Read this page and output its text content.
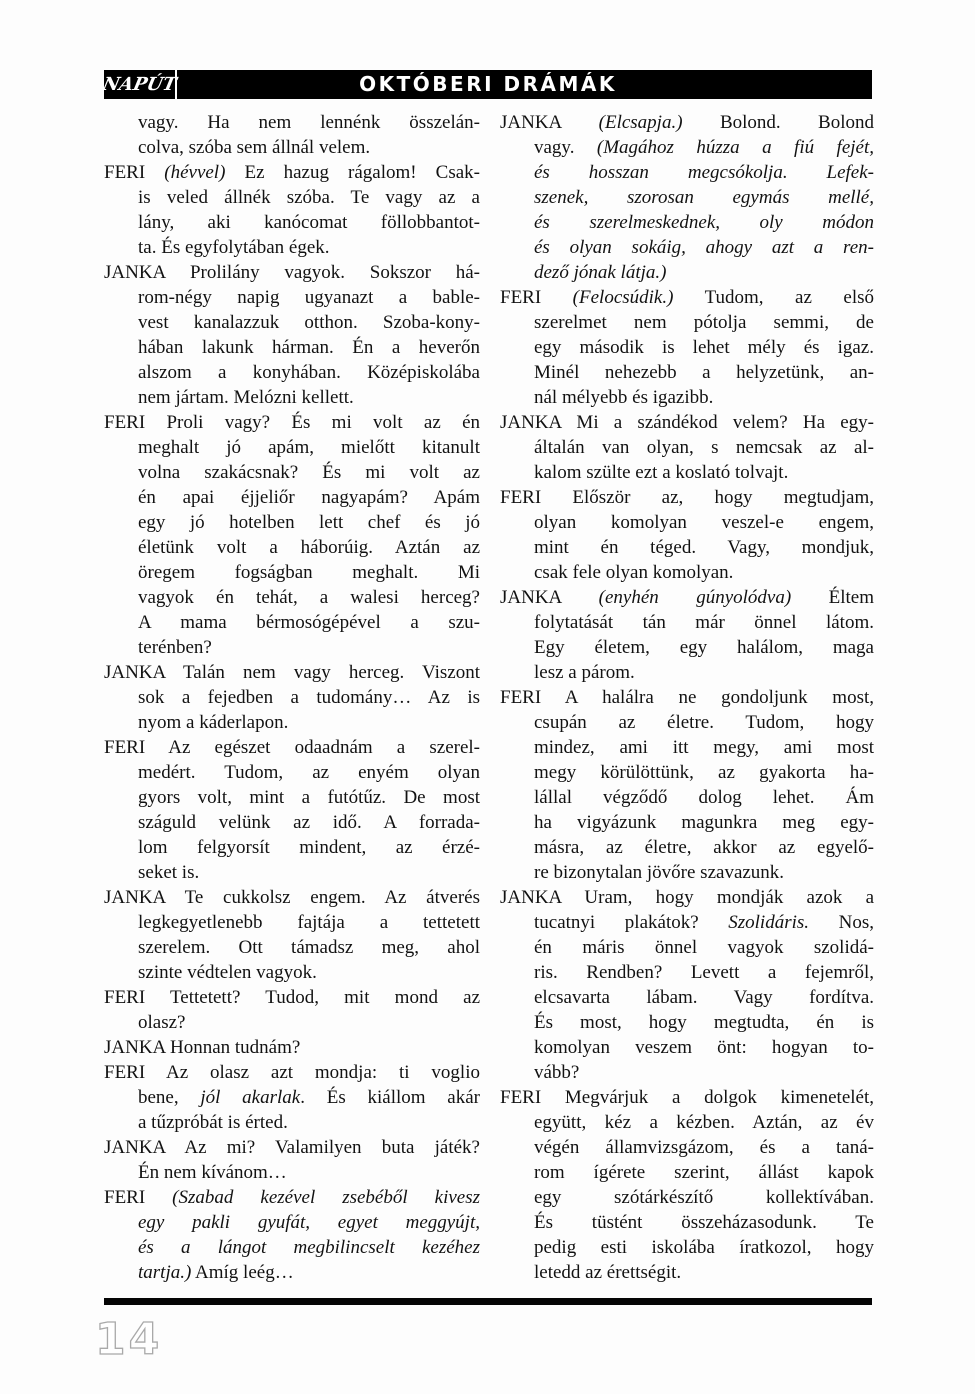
NAPÚT	OKTÓBERI DRÁMÁK
vagy. Ha nem lennénk összelán-
colva, szóba sem állnál velem.
FERI (hévvel) Ez hazug rágalom! Csak-
is veled állnék szóba. Te vagy az a
lány, aki kanócomat föllobbantot-
ta. És egyfolytában égek.
JANKA Prolilány vagyok. Sokszor há-
rom-négy napig ugyanazt a bable-
vest kanalazzuk otthon. Szoba-kony-
hában lakunk hárman. Én a heverőn
alszom a konyhában. Középiskolába
nem jártam. Melózni kellett.
FERI Proli vagy? És mi volt az én
meghalt jó apám, mielőtt kitanult
volna szakácsnak? És mi volt az
én apai éjjeliőr nagyapám? Apám
egy jó hotelben lett chef és jó
életünk volt a háborúig. Aztán az
öregem fogságban meghalt. Mi
vagyok én tehát, a walesi herceg?
A mama bérmosógépével a szu-
terénben?
JANKA Talán nem vagy herceg. Viszont
sok a fejedben a tudomány… Az is
nyom a káderlapon.
FERI Az egészet odaadnám a szerel-
medért. Tudom, az enyém olyan
gyors volt, mint a futótűz. De most
száguld velünk az idő. A forrada-
lom felgyorsít mindent, az érzé-
seket is.
JANKA Te cukkolsz engem. Az átverés
legkegyetlenebb fajtája a tettetett
szerelem. Ott támadsz meg, ahol
szinte védtelen vagyok.
FERI Tettetett? Tudod, mit mond az
olasz?
JANKA Honnan tudnám?
FERI Az olasz azt mondja: ti voglio
bene, jól akarlak. És kiállom akár
a tűzpróbát is érted.
JANKA Az mi? Valamilyen buta játék?
Én nem kívánom…
FERI (Szabad kezével zsebéből kivesz
egy pakli gyufát, egyet meggyújt,
és a lángot megbilincselt kezéhez
tartja.) Amíg leég…
JANKA (Elcsapja.) Bolond. Bolond
vagy. (Magához húzza a fiú fejét,
és hosszan megcsókolja. Lefek-
szenek, szorosan egymás mellé,
és szerelmeskednek, oly módon
és olyan sokáig, ahogy azt a ren-
dező jónak látja.)
FERI (Felocsúdik.) Tudom, az első
szerelmet nem pótolja semmi, de
egy második is lehet mély és igaz.
Minél nehezebb a helyzetünk, an-
nál mélyebb és igazibb.
JANKA Mi a szándékod velem? Ha egy-
általán van olyan, s nemcsak az al-
kalom szülte ezt a koslató tolvajt.
FERI Először az, hogy megtudjam,
olyan komolyan veszel-e engem,
mint én téged. Vagy, mondjuk,
csak fele olyan komolyan.
JANKA (enyhén gúnyolódva) Éltem
folytatását tán már önnel látom.
Egy életem, egy halálom, maga
lesz a párom.
FERI A halálra ne gondoljunk most,
csupán az életre. Tudom, hogy
mindez, ami itt megy, ami most
megy körülöttünk, az gyakorta ha-
lállal végződő dolog lehet. Ám
ha vigyázunk magunkra meg egy-
másra, az életre, akkor az egyelő-
re bizonytalan jövőre szavazunk.
JANKA Uram, hogy mondják azok a
tucatnyi plakátok? Szolidáris. Nos,
én máris önnel vagyok szolidá-
ris. Rendben? Levett a fejemről,
elcsavarta lábam. Vagy fordítva.
És most, hogy megtudta, én is
komolyan veszem önt: hogyan to-
vább?
FERI Megvárjuk a dolgok kimenetelét,
együtt, kéz a kézben. Aztán, az év
végén államvizsgázom, és a taná-
rom ígérete szerint, állást kapok
egy szótárkészítő kollektívában.
És tüstént összeházasodunk. Te
pedig esti iskolába íratkozol, hogy
letedd az érettségit.
14
